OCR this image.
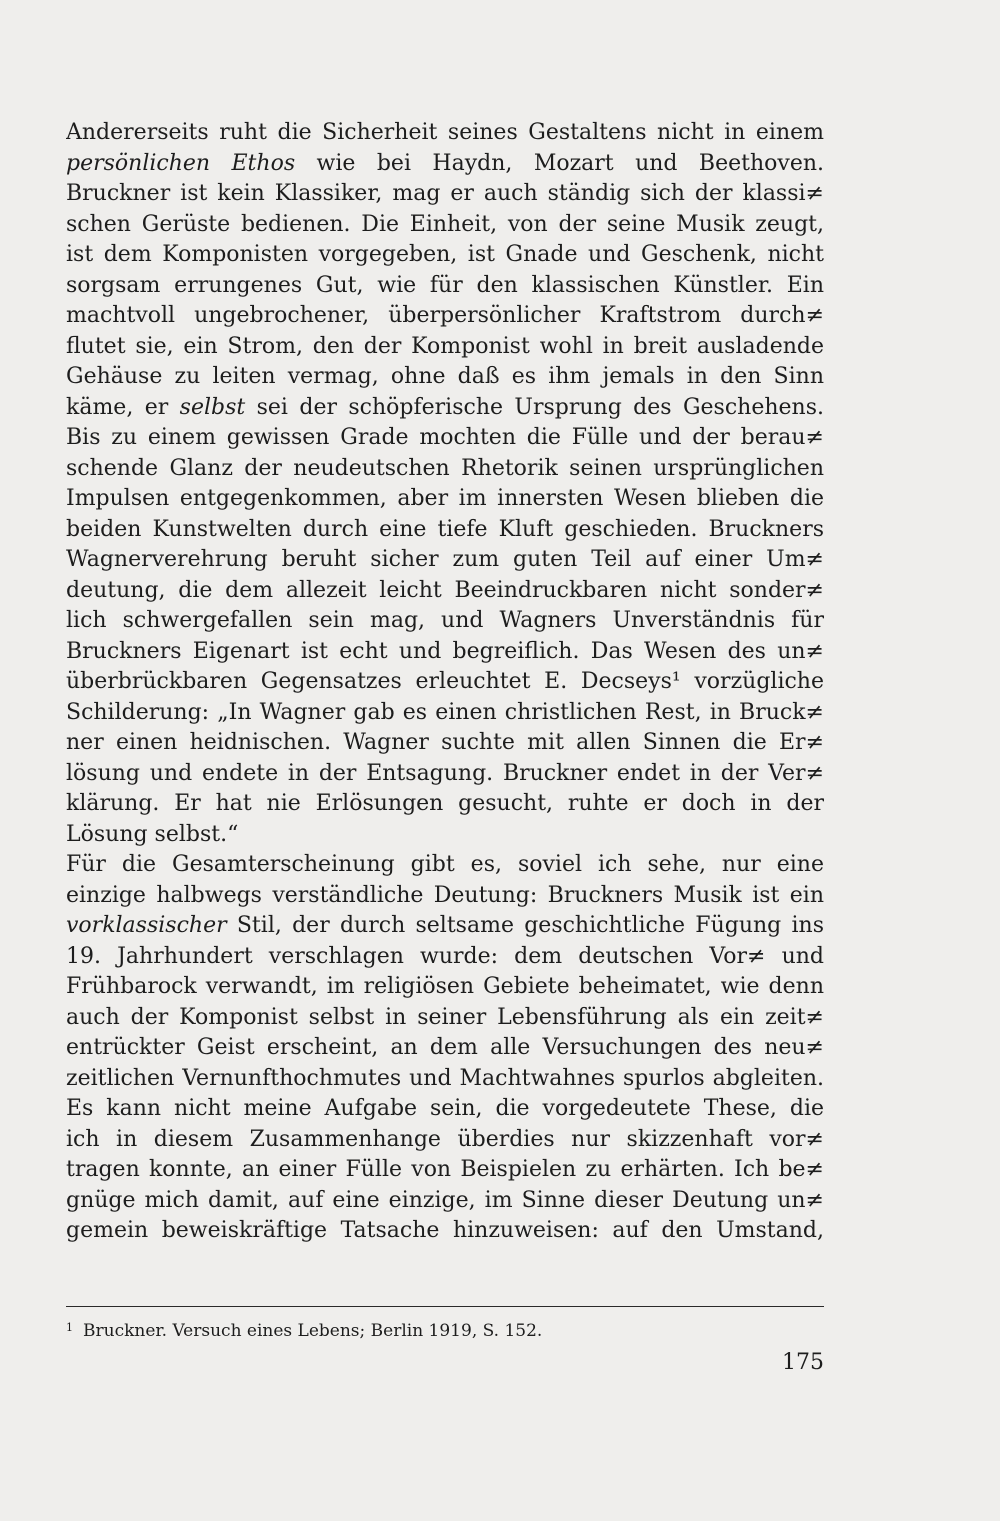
Andererseits ruht die Sicherheit seines Gestaltens nicht in einem
persönlichen Ethos wie bei Haydn, Mozart und Beethoven.
Bruckner ist kein Klassiker, mag er auch ständig sich der klassi≠
schen Gerüste bedienen. Die Einheit, von der seine Musik zeugt,
ist dem Komponisten vorgegeben, ist Gnade und Geschenk, nicht
sorgsam errungenes Gut, wie für den klassischen Künstler. Ein
machtvoll ungebrochener, überpersönlicher Kraftstrom durch≠
flutet sie, ein Strom, den der Komponist wohl in breit ausladende
Gehäuse zu leiten vermag, ohne daß es ihm jemals in den Sinn
käme, er selbst sei der schöpferische Ursprung des Geschehens.
Bis zu einem gewissen Grade mochten die Fülle und der berau≠
schende Glanz der neudeutschen Rhetorik seinen ursprünglichen
Impulsen entgegenkommen, aber im innersten Wesen blieben die
beiden Kunstwelten durch eine tiefe Kluft geschieden. Bruckners
Wagnerverehrung beruht sicher zum guten Teil auf einer Um≠
deutung, die dem allezeit leicht Beeindruckbaren nicht sonder≠
lich schwergefallen sein mag, und Wagners Unverständnis für
Bruckners Eigenart ist echt und begreiflich. Das Wesen des un≠
überbrückbaren Gegensatzes erleuchtet E. Decseys¹ vorzügliche
Schilderung: „In Wagner gab es einen christlichen Rest, in Bruck≠
ner einen heidnischen. Wagner suchte mit allen Sinnen die Er≠
lösung und endete in der Entsagung. Bruckner endet in der Ver≠
klärung. Er hat nie Erlösungen gesucht, ruhte er doch in der
Lösung selbst.“
Für die Gesamterscheinung gibt es, soviel ich sehe, nur eine
einzige halbwegs verständliche Deutung: Bruckners Musik ist ein
vorklassischer Stil, der durch seltsame geschichtliche Fügung ins
19. Jahrhundert verschlagen wurde: dem deutschen Vor≠ und
Frühbarock verwandt, im religiösen Gebiete beheimatet, wie denn
auch der Komponist selbst in seiner Lebensführung als ein zeit≠
entrückter Geist erscheint, an dem alle Versuchungen des neu≠
zeitlichen Vernunfthochmutes und Machtwahnes spurlos abgleiten.
Es kann nicht meine Aufgabe sein, die vorgedeutete These, die
ich in diesem Zusammenhange überdies nur skizzenhaft vor≠
tragen konnte, an einer Fülle von Beispielen zu erhärten. Ich be≠
gnüge mich damit, auf eine einzige, im Sinne dieser Deutung un≠
gemein beweiskräftige Tatsache hinzuweisen: auf den Umstand,
$^1$ Bruckner. Versuch eines Lebens; Berlin 1919, S. 152.
175
